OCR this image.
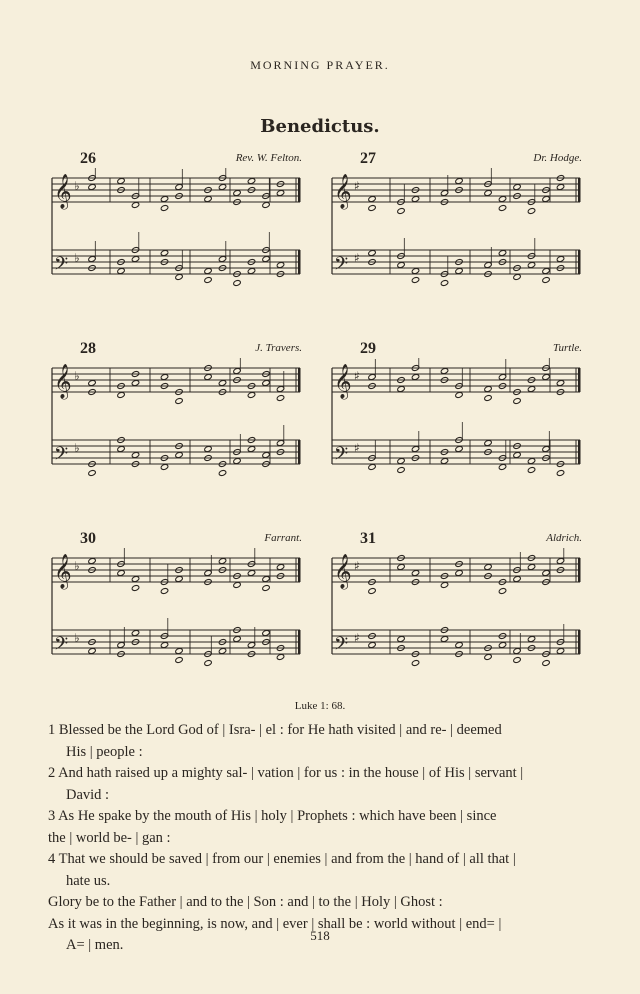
MORNING PRAYER.
Benedictus.
26	Rev. W. Felton.
𝄞 ♭
𝄢 ♭
27	Dr. Hodge.
𝄞 ♯
𝄢 ♯
28	J. Travers.
𝄞 ♭
𝄢 ♭
29	Turtle.
𝄞 ♯
𝄢 ♯
30	Farrant.
𝄞 ♭
𝄢 ♭
31	Aldrich.
𝄞 ♯
𝄢 ♯
Luke 1: 68.
1 Blessed be the Lord God of | Isra- | el : for He hath visited | and re- | deemed
His | people :
2 And hath raised up a mighty sal- | vation | for us : in the house | of His | servant |
David :
3 As He spake by the mouth of His | holy | Prophets : which have been | since
the | world be- | gan :
4 That we should be saved | from our | enemies | and from the | hand of | all that |
hate us.
Glory be to the Father | and to the | Son : and | to the | Holy | Ghost :
As it was in the beginning, is now, and | ever | shall be : world without | end= |
A= | men.
518
